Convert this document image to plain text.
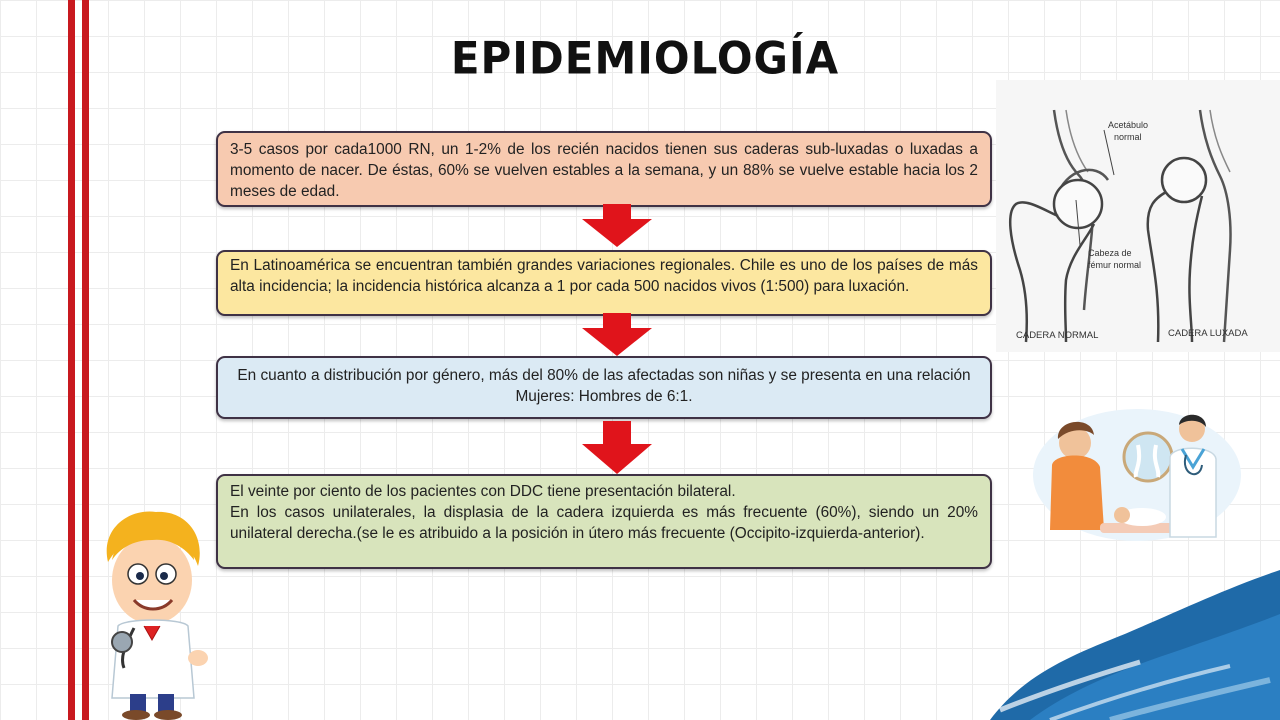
EPIDEMIOLOGÍA

3-5 casos por cada1000 RN, un 1-2% de los recién nacidos tienen sus caderas sub-luxadas o luxadas a momento de nacer. De éstas, 60% se vuelven estables a la semana, y un 88% se vuelve estable hacia los 2 meses de edad.

En Latinoamérica se encuentran también grandes variaciones regionales. Chile es uno de los países de más alta incidencia; la incidencia histórica alcanza a 1 por cada 500 nacidos vivos (1:500) para luxación.

En cuanto a distribución por género, más del 80% de las afectadas son niñas y se presenta en una relación Mujeres: Hombres de 6:1.

El veinte por ciento de los pacientes con DDC tiene presentación bilateral.

En los casos unilaterales, la displasia de la cadera izquierda es más frecuente (60%), siendo un 20% unilateral derecha.(se le es atribuido a la posición in útero más frecuente (Occipito-izquierda-anterior).

Acetábulo
normal
Cabeza de
fémur normal
CADERA NORMAL	CADERA LUXADA
